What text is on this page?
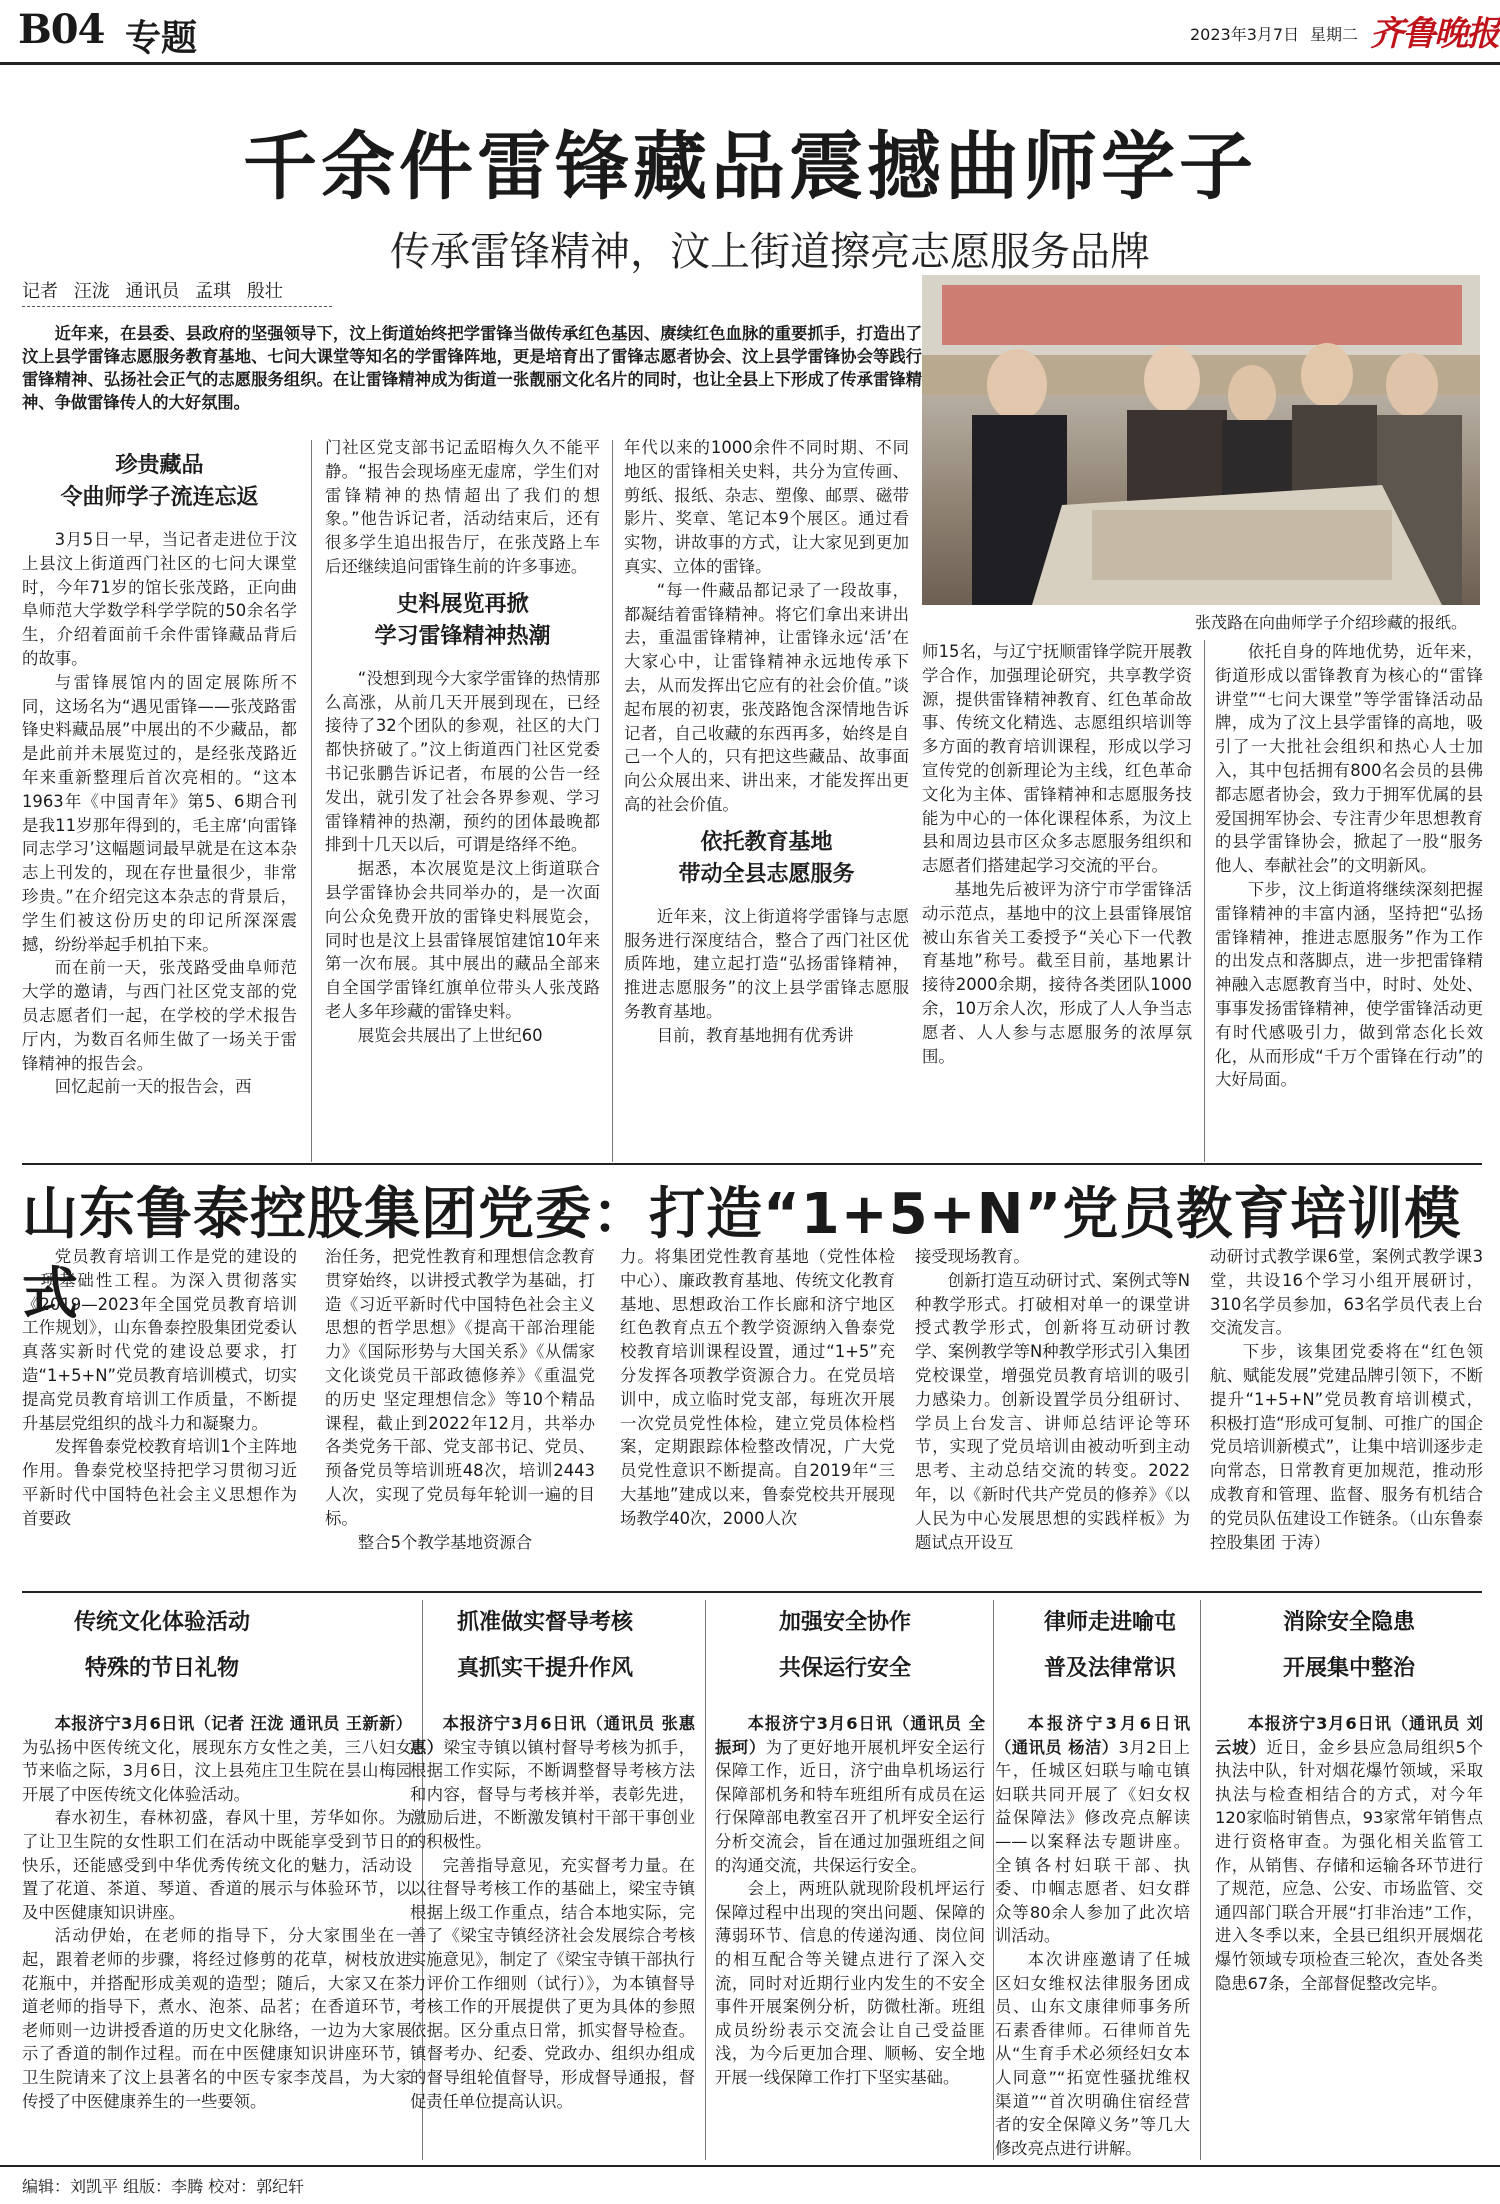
B04 专题	2023年3月7日 星期二 齐鲁晚报
千余件雷锋藏品震撼曲师学子
传承雷锋精神，汶上街道擦亮志愿服务品牌
记者 汪泷 通讯员 孟琪 殷壮
近年来，在县委、县政府的坚强领导下，汶上街道始终把学雷锋当做传承红色基因、赓续红色血脉的重要抓手，打造出了汶上县学雷锋志愿服务教育基地、七问大课堂等知名的学雷锋阵地，更是培育出了雷锋志愿者协会、汶上县学雷锋协会等践行雷锋精神、弘扬社会正气的志愿服务组织。在让雷锋精神成为街道一张靓丽文化名片的同时，也让全县上下形成了传承雷锋精神、争做雷锋传人的大好氛围。
珍贵藏品
令曲师学子流连忘返

3月5日一早，当记者走进位于汶上县汶上街道西门社区的七问大课堂时，今年71岁的馆长张茂路，正向曲阜师范大学数学科学学院的50余名学生，介绍着面前千余件雷锋藏品背后的故事。

与雷锋展馆内的固定展陈所不同，这场名为“遇见雷锋——张茂路雷锋史料藏品展”中展出的不少藏品，都是此前并未展览过的，是经张茂路近年来重新整理后首次亮相的。“这本1963年《中国青年》第5、6期合刊是我11岁那年得到的，毛主席‘向雷锋同志学习’这幅题词最早就是在这本杂志上刊发的，现在存世量很少，非常珍贵。”在介绍完这本杂志的背景后，学生们被这份历史的印记所深深震撼，纷纷举起手机拍下来。

而在前一天，张茂路受曲阜师范大学的邀请，与西门社区党支部的党员志愿者们一起，在学校的学术报告厅内，为数百名师生做了一场关于雷锋精神的报告会。

回忆起前一天的报告会，西

门社区党支部书记孟昭梅久久不能平静。“报告会现场座无虚席，学生们对雷锋精神的热情超出了我们的想象。”他告诉记者，活动结束后，还有很多学生追出报告厅，在张茂路上车后还继续追问雷锋生前的许多事迹。

史料展览再掀
学习雷锋精神热潮

“没想到现今大家学雷锋的热情那么高涨，从前几天开展到现在，已经接待了32个团队的参观，社区的大门都快挤破了。”汶上街道西门社区党委书记张鹏告诉记者，布展的公告一经发出，就引发了社会各界参观、学习雷锋精神的热潮，预约的团体最晚都排到十几天以后，可谓是络绎不绝。

据悉，本次展览是汶上街道联合县学雷锋协会共同举办的，是一次面向公众免费开放的雷锋史料展览会，同时也是汶上县雷锋展馆建馆10年来第一次布展。其中展出的藏品全部来自全国学雷锋红旗单位带头人张茂路老人多年珍藏的雷锋史料。

展览会共展出了上世纪60

年代以来的1000余件不同时期、不同地区的雷锋相关史料，共分为宣传画、剪纸、报纸、杂志、塑像、邮票、磁带影片、奖章、笔记本9个展区。通过看实物，讲故事的方式，让大家见到更加真实、立体的雷锋。

“每一件藏品都记录了一段故事，都凝结着雷锋精神。将它们拿出来讲出去，重温雷锋精神，让雷锋永远‘活’在大家心中，让雷锋精神永远地传承下去，从而发挥出它应有的社会价值。”谈起布展的初衷，张茂路饱含深情地告诉记者，自己收藏的东西再多，始终是自己一个人的，只有把这些藏品、故事面向公众展出来、讲出来，才能发挥出更高的社会价值。

依托教育基地
带动全县志愿服务

近年来，汶上街道将学雷锋与志愿服务进行深度结合，整合了西门社区优质阵地，建立起打造“弘扬雷锋精神，推进志愿服务”的汶上县学雷锋志愿服务教育基地。

目前，教育基地拥有优秀讲

张茂路在向曲师学子介绍珍藏的报纸。

师15名，与辽宁抚顺雷锋学院开展教学合作，加强理论研究，共享教学资源，提供雷锋精神教育、红色革命故事、传统文化精选、志愿组织培训等多方面的教育培训课程，形成以学习宣传党的创新理论为主线，红色革命文化为主体、雷锋精神和志愿服务技能为中心的一体化课程体系，为汶上县和周边县市区众多志愿服务组织和志愿者们搭建起学习交流的平台。

基地先后被评为济宁市学雷锋活动示范点，基地中的汶上县雷锋展馆被山东省关工委授予“关心下一代教育基地”称号。截至目前，基地累计接待2000余期，接待各类团队1000余，10万余人次，形成了人人争当志愿者、人人参与志愿服务的浓厚氛围。

依托自身的阵地优势，近年来，街道形成以雷锋教育为核心的“雷锋讲堂”“七问大课堂”等学雷锋活动品牌，成为了汶上县学雷锋的高地，吸引了一大批社会组织和热心人士加入，其中包括拥有800名会员的县佛都志愿者协会，致力于拥军优属的县爱国拥军协会、专注青少年思想教育的县学雷锋协会，掀起了一股“服务他人、奉献社会”的文明新风。

下步，汶上街道将继续深刻把握雷锋精神的丰富内涵，坚持把“弘扬雷锋精神，推进志愿服务”作为工作的出发点和落脚点，进一步把雷锋精神融入志愿教育当中，时时、处处、事事发扬雷锋精神，使学雷锋活动更有时代感吸引力，做到常态化长效化，从而形成“千万个雷锋在行动”的大好局面。

山东鲁泰控股集团党委：打造“1+5+N”党员教育培训模式

党员教育培训工作是党的建设的一项基础性工程。为深入贯彻落实《2019—2023年全国党员教育培训工作规划》，山东鲁泰控股集团党委认真落实新时代党的建设总要求，打造“1+5+N”党员教育培训模式，切实提高党员教育培训工作质量，不断提升基层党组织的战斗力和凝聚力。

发挥鲁泰党校教育培训1个主阵地作用。鲁泰党校坚持把学习贯彻习近平新时代中国特色社会主义思想作为首要政

治任务，把党性教育和理想信念教育贯穿始终，以讲授式教学为基础，打造《习近平新时代中国特色社会主义思想的哲学思想》《提高干部治理能力》《国际形势与大国关系》《从儒家文化谈党员干部政德修养》《重温党的历史 坚定理想信念》等10个精品课程，截止到2022年12月，共举办各类党务干部、党支部书记、党员、预备党员等培训班48次，培训2443人次，实现了党员每年轮训一遍的目标。

整合5个教学基地资源合

力。将集团党性教育基地（党性体检中心）、廉政教育基地、传统文化教育基地、思想政治工作长廊和济宁地区红色教育点五个教学资源纳入鲁泰党校教育培训课程设置，通过“1+5”充分发挥各项教学资源合力。在党员培训中，成立临时党支部，每班次开展一次党员党性体检，建立党员体检档案，定期跟踪体检整改情况，广大党员党性意识不断提高。自2019年“三大基地”建成以来，鲁泰党校共开展现场教学40次，2000人次

接受现场教育。

创新打造互动研讨式、案例式等N种教学形式。打破相对单一的课堂讲授式教学形式，创新将互动研讨教学、案例教学等N种教学形式引入集团党校课堂，增强党员教育培训的吸引力感染力。创新设置学员分组研讨、学员上台发言、讲师总结评论等环节，实现了党员培训由被动听到主动思考、主动总结交流的转变。2022年，以《新时代共产党员的修养》《以人民为中心发展思想的实践样板》为题试点开设互

动研讨式教学课6堂，案例式教学课3堂，共设16个学习小组开展研讨，310名学员参加，63名学员代表上台交流发言。

下步，该集团党委将在“红色领航、赋能发展”党建品牌引领下，不断提升“1+5+N”党员教育培训模式，积极打造“形成可复制、可推广的国企党员培训新模式”，让集中培训逐步走向常态，日常教育更加规范，推动形成教育和管理、监督、服务有机结合的党员队伍建设工作链条。（山东鲁泰控股集团 于涛）

传统文化体验活动
特殊的节日礼物

本报济宁3月6日讯（记者 汪泷 通讯员 王新新）为弘扬中医传统文化，展现东方女性之美，三八妇女节来临之际，3月6日，汶上县苑庄卫生院在昙山梅园开展了中医传统文化体验活动。

春水初生，春林初盛，春风十里，芳华如你。为了让卫生院的女性职工们在活动中既能享受到节日的快乐，还能感受到中华优秀传统文化的魅力，活动设置了花道、茶道、琴道、香道的展示与体验环节，以及中医健康知识讲座。

活动伊始，在老师的指导下，分大家围坐在一起，跟着老师的步骤，将经过修剪的花草，树枝放进花瓶中，并搭配形成美观的造型；随后，大家又在茶道老师的指导下，煮水、泡茶、品茗；在香道环节，老师则一边讲授香道的历史文化脉络，一边为大家展示了香道的制作过程。而在中医健康知识讲座环节，卫生院请来了汶上县著名的中医专家李茂昌，为大家传授了中医健康养生的一些要领。

抓准做实督导考核
真抓实干提升作风

本报济宁3月6日讯（通讯员 张惠惠）梁宝寺镇以镇村督导考核为抓手，根据工作实际，不断调整督导考核方法和内容，督导与考核并举，表彰先进，激励后进，不断激发镇村干部干事创业的积极性。

完善指导意见，充实督考力量。在以往督导考核工作的基础上，梁宝寺镇根据上级工作重点，结合本地实际，完善了《梁宝寺镇经济社会发展综合考核实施意见》，制定了《梁宝寺镇干部执行力评价工作细则（试行）》，为本镇督导考核工作的开展提供了更为具体的参照依据。区分重点日常，抓实督导检查。镇督考办、纪委、党政办、组织办组成的督导组轮值督导，形成督导通报，督促责任单位提高认识。

加强安全协作
共保运行安全

本报济宁3月6日讯（通讯员 全振珂）为了更好地开展机坪安全运行保障工作，近日，济宁曲阜机场运行保障部机务和特车班组所有成员在运行保障部电教室召开了机坪安全运行分析交流会，旨在通过加强班组之间的沟通交流，共保运行安全。

会上，两班队就现阶段机坪运行保障过程中出现的突出问题、保障的薄弱环节、信息的传递沟通、岗位间的相互配合等关键点进行了深入交流，同时对近期行业内发生的不安全事件开展案例分析，防微杜渐。班组成员纷纷表示交流会让自己受益匪浅，为今后更加合理、顺畅、安全地开展一线保障工作打下坚实基础。

律师走进喻屯
普及法律常识

本报济宁3月6日讯（通讯员 杨洁）3月2日上午，任城区妇联与喻屯镇妇联共同开展了《妇女权益保障法》修改亮点解读——以案释法专题讲座。全镇各村妇联干部、执委、巾帼志愿者、妇女群众等80余人参加了此次培训活动。

本次讲座邀请了任城区妇女维权法律服务团成员、山东文康律师事务所石素香律师。石律师首先从“生育手术必须经妇女本人同意”“拓宽性骚扰维权渠道”“首次明确住宿经营者的安全保障义务”等几大修改亮点进行讲解。

消除安全隐患
开展集中整治

本报济宁3月6日讯（通讯员 刘云坡）近日，金乡县应急局组织5个执法中队，针对烟花爆竹领域，采取执法与检查相结合的方式，对今年120家临时销售点，93家常年销售点进行资格审查。为强化相关监管工作，从销售、存储和运输各环节进行了规范，应急、公安、市场监管、交通四部门联合开展“打非治违”工作，进入冬季以来，全县已组织开展烟花爆竹领域专项检查三轮次，查处各类隐患67条，全部督促整改完毕。

编辑：刘凯平 组版：李腾 校对：郭纪轩
